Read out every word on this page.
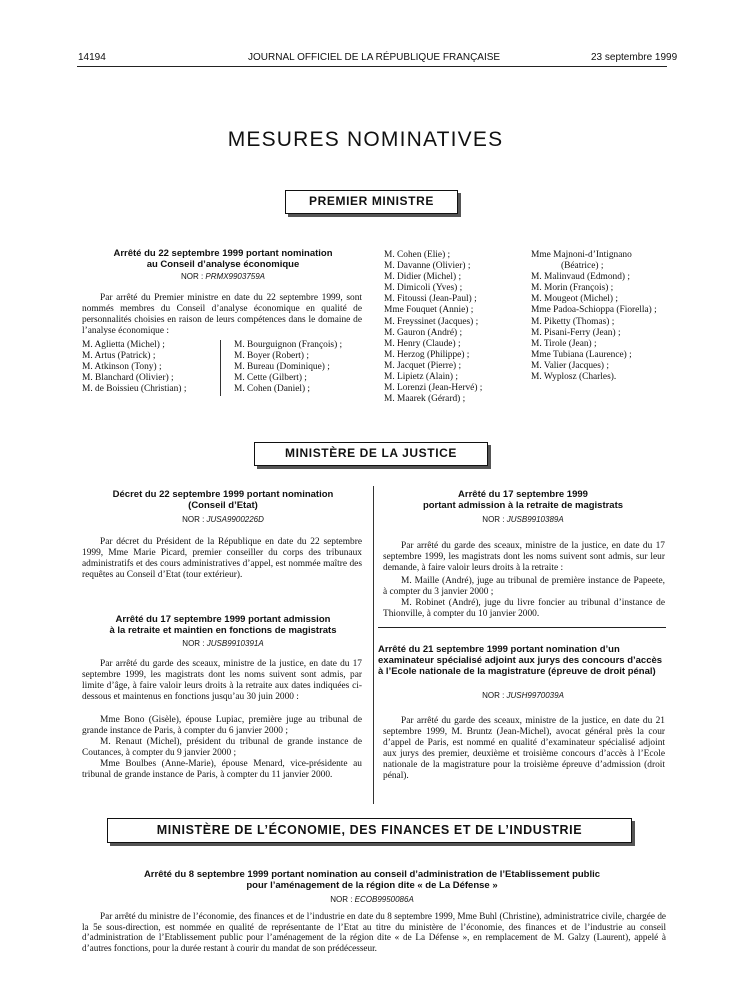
14194	JOURNAL OFFICIEL DE LA RÉPUBLIQUE FRANÇAISE	23 septembre 1999
MESURES NOMINATIVES
PREMIER MINISTRE
Arrêté du 22 septembre 1999 portant nomination
au Conseil d’analyse économique
NOR : PRMX9903759A
Par arrêté du Premier ministre en date du 22 septembre 1999, sont nommés membres du Conseil d’analyse économique en qualité de personnalités choisies en raison de leurs compétences dans le domaine de l’analyse économique :
M. Aglietta (Michel) ;
M. Artus (Patrick) ;
M. Atkinson (Tony) ;
M. Blanchard (Olivier) ;
M. de Boissieu (Christian) ;
M. Bourguignon (François) ;
M. Boyer (Robert) ;
M. Bureau (Dominique) ;
M. Cette (Gilbert) ;
M. Cohen (Daniel) ;
M. Cohen (Elie) ;
M. Davanne (Olivier) ;
M. Didier (Michel) ;
M. Dimicoli (Yves) ;
M. Fitoussi (Jean-Paul) ;
Mme Fouquet (Annie) ;
M. Freyssinet (Jacques) ;
M. Gauron (André) ;
M. Henry (Claude) ;
M. Herzog (Philippe) ;
M. Jacquet (Pierre) ;
M. Lipietz (Alain) ;
M. Lorenzi (Jean-Hervé) ;
M. Maarek (Gérard) ;
Mme Majnoni-d’Intignano
(Béatrice) ;
M. Malinvaud (Edmond) ;
M. Morin (François) ;
M. Mougeot (Michel) ;
Mme Padoa-Schioppa (Fiorella) ;
M. Piketty (Thomas) ;
M. Pisani-Ferry (Jean) ;
M. Tirole (Jean) ;
Mme Tubiana (Laurence) ;
M. Valier (Jacques) ;
M. Wyplosz (Charles).
MINISTÈRE DE LA JUSTICE
Décret du 22 septembre 1999 portant nomination
(Conseil d’Etat)
NOR : JUSA9900226D
Par décret du Président de la République en date du 22 septembre 1999, Mme Marie Picard, premier conseiller du corps des tribunaux administratifs et des cours administratives d’appel, est nommée maître des requêtes au Conseil d’Etat (tour extérieur).
Arrêté du 17 septembre 1999 portant admission
à la retraite et maintien en fonctions de magistrats
NOR : JUSB9910391A
Par arrêté du garde des sceaux, ministre de la justice, en date du 17 septembre 1999, les magistrats dont les noms suivent sont admis, par limite d’âge, à faire valoir leurs droits à la retraite aux dates indiquées ci-dessous et maintenus en fonctions jusqu’au 30 juin 2000 :
Mme Bono (Gisèle), épouse Lupiac, première juge au tribunal de grande instance de Paris, à compter du 6 janvier 2000 ;
M. Renaut (Michel), président du tribunal de grande instance de Coutances, à compter du 9 janvier 2000 ;
Mme Boulbes (Anne-Marie), épouse Menard, vice-présidente au tribunal de grande instance de Paris, à compter du 11 janvier 2000.
Arrêté du 17 septembre 1999
portant admission à la retraite de magistrats
NOR : JUSB9910389A
Par arrêté du garde des sceaux, ministre de la justice, en date du 17 septembre 1999, les magistrats dont les noms suivent sont admis, sur leur demande, à faire valoir leurs droits à la retraite :
M. Maille (André), juge au tribunal de première instance de Papeete, à compter du 3 janvier 2000 ;
M. Robinet (André), juge du livre foncier au tribunal d’instance de Thionville, à compter du 10 janvier 2000.
Arrêté du 21 septembre 1999 portant nomination d’un examinateur spécialisé adjoint aux jurys des concours d’accès à l’Ecole nationale de la magistrature (épreuve de droit pénal)
NOR : JUSH9970039A
Par arrêté du garde des sceaux, ministre de la justice, en date du 21 septembre 1999, M. Bruntz (Jean-Michel), avocat général près la cour d’appel de Paris, est nommé en qualité d’examinateur spécialisé adjoint aux jurys des premier, deuxième et troisième concours d’accès à l’Ecole nationale de la magistrature pour la troisième épreuve d’admission (droit pénal).
MINISTÈRE DE L’ÉCONOMIE, DES FINANCES ET DE L’INDUSTRIE
Arrêté du 8 septembre 1999 portant nomination au conseil d’administration de l’Etablissement public
pour l’aménagement de la région dite « de La Défense »
NOR : ECOB9950086A
Par arrêté du ministre de l’économie, des finances et de l’industrie en date du 8 septembre 1999, Mme Buhl (Christine), administratrice civile, chargée de la 5e sous-direction, est nommée en qualité de représentante de l’Etat au titre du ministère de l’économie, des finances et de l’industrie au conseil d’administration de l’Etablissement public pour l’aménagement de la région dite « de La Défense », en remplacement de M. Galzy (Laurent), appelé à d’autres fonctions, pour la durée restant à courir du mandat de son prédécesseur.
